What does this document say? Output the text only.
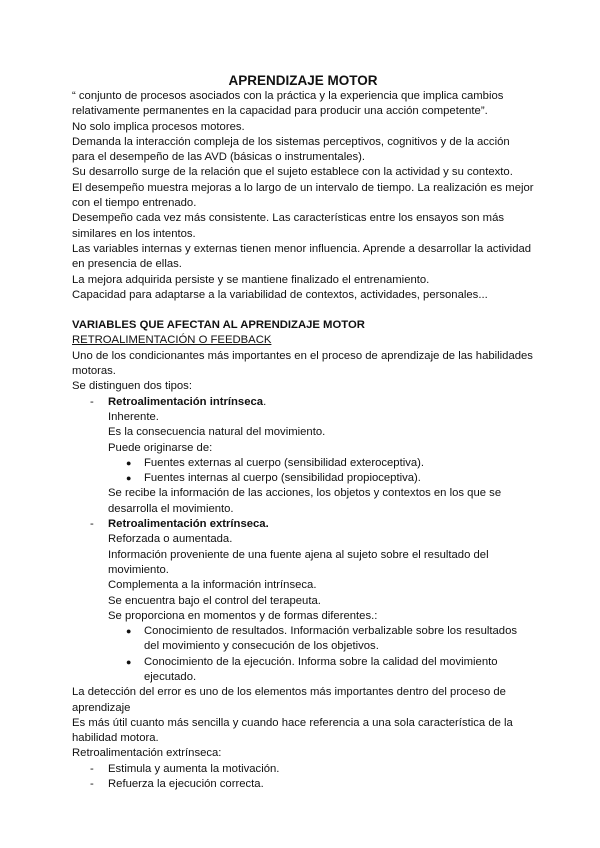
APRENDIZAJE MOTOR

“ conjunto de procesos asociados con la práctica y la experiencia que implica cambios relativamente permanentes en la capacidad para producir una acción competente”.

No solo implica procesos motores.

Demanda la interacción compleja de los sistemas perceptivos, cognitivos y de la acción para el desempeño de las AVD (básicas o instrumentales).

Su desarrollo surge de la relación que el sujeto establece con la actividad y su contexto.

El desempeño muestra mejoras a lo largo de un intervalo de tiempo. La realización es mejor con el tiempo entrenado.

Desempeño cada vez más consistente. Las características entre los ensayos son más similares en los intentos.

Las variables internas y externas tienen menor influencia. Aprende a desarrollar la actividad en presencia de ellas.

La mejora adquirida persiste y se mantiene finalizado el entrenamiento.

Capacidad para adaptarse a la variabilidad de contextos, actividades, personales...

VARIABLES QUE AFECTAN AL APRENDIZAJE MOTOR

RETROALIMENTACIÓN O FEEDBACK

Uno de los condicionantes más importantes en el proceso de aprendizaje de las habilidades motoras.

Se distinguen dos tipos:

- Retroalimentación intrínseca.

Inherente.

Es la consecuencia natural del movimiento.

Puede originarse de:

● Fuentes externas al cuerpo (sensibilidad exteroceptiva).
● Fuentes internas al cuerpo (sensibilidad propioceptiva).

Se recibe la información de las acciones, los objetos y contextos en los que se desarrolla el movimiento.

- Retroalimentación extrínseca.

Reforzada o aumentada.

Información proveniente de una fuente ajena al sujeto sobre el resultado del movimiento.

Complementa a la información intrínseca.

Se encuentra bajo el control del terapeuta.

Se proporciona en momentos y de formas diferentes.:

● Conocimiento de resultados. Información verbalizable sobre los resultados del movimiento y consecución de los objetivos.
● Conocimiento de la ejecución. Informa sobre la calidad del movimiento ejecutado.

La detección del error es uno de los elementos más importantes dentro del proceso de aprendizaje

Es más útil cuanto más sencilla y cuando hace referencia a una sola característica de la habilidad motora.

Retroalimentación extrínseca:

- Estimula y aumenta la motivación.
- Refuerza la ejecución correcta.
